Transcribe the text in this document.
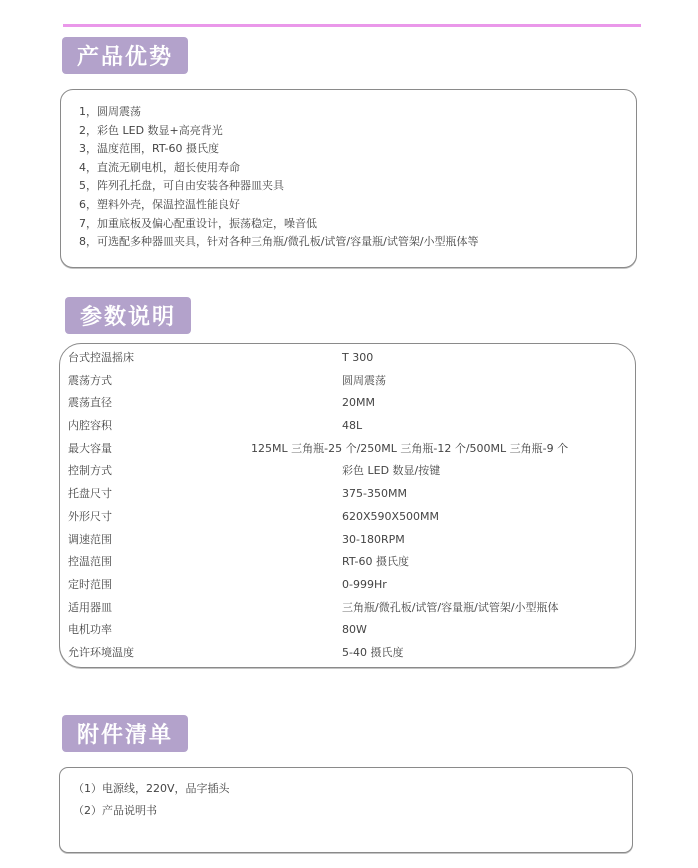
产品优势
1，圆周震荡
2，彩色 LED 数显+高亮背光
3，温度范围，RT-60 摄氏度
4，直流无刷电机，超长使用寿命
5，阵列孔托盘，可自由安装各种器皿夹具
6，塑料外壳，保温控温性能良好
7，加重底板及偏心配重设计，振荡稳定，噪音低
8，可选配多种器皿夹具，针对各种三角瓶/微孔板/试管/容量瓶/试管架/小型瓶体等
参数说明
台式控温摇床	T 300
震荡方式	圆周震荡
震荡直径	20MM
内腔容积	48L
最大容量	125ML 三角瓶-25 个/250ML 三角瓶-12 个/500ML 三角瓶-9 个
控制方式	彩色 LED 数显/按键
托盘尺寸	375-350MM
外形尺寸	620X590X500MM
调速范围	30-180RPM
控温范围	RT-60 摄氏度
定时范围	0-999Hr
适用器皿	三角瓶/微孔板/试管/容量瓶/试管架/小型瓶体
电机功率	80W
允许环境温度	5-40 摄氏度
附件清单
（1）电源线，220V，品字插头
（2）产品说明书
